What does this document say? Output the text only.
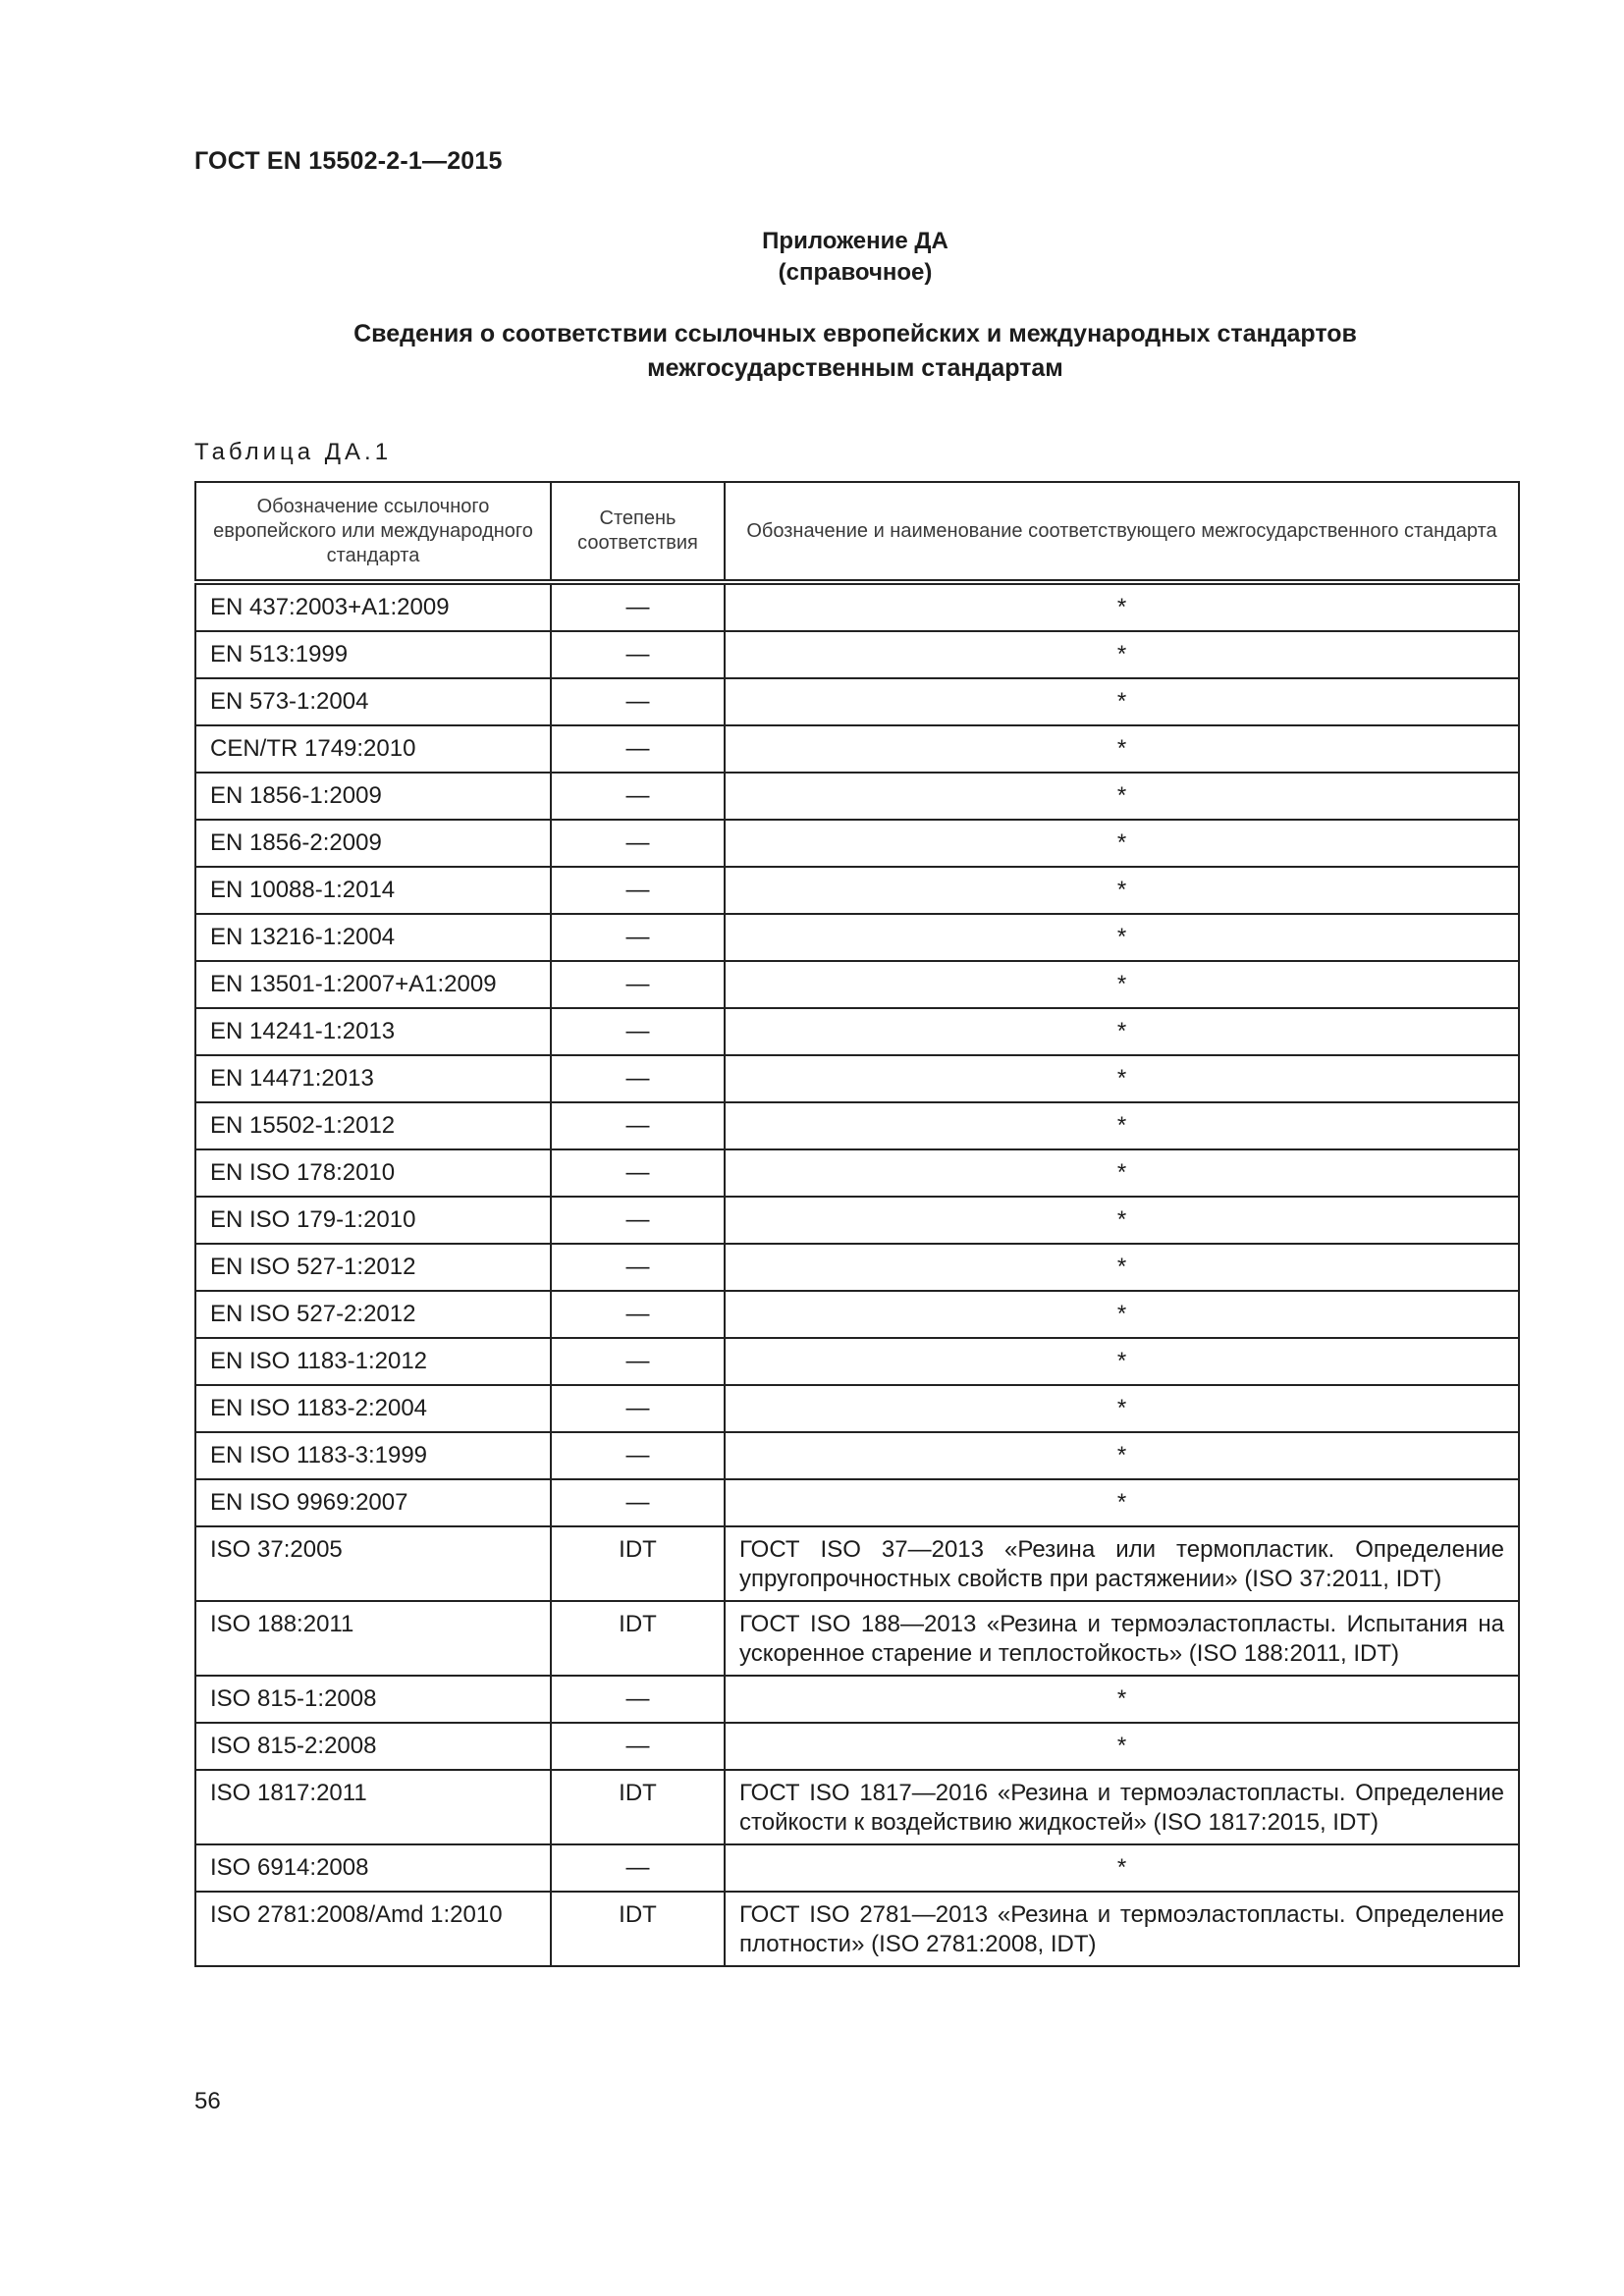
ГОСТ EN 15502-2-1—2015
Приложение ДА
(справочное)
Сведения о соответствии ссылочных европейских и международных стандартов
межгосударственным стандартам
Таблица ДА.1
Обозначение ссылочного европейского или международного стандарта	Степень соответствия	Обозначение и наименование соответствующего межгосударственного стандарта
EN 437:2003+A1:2009	—	*
EN 513:1999	—	*
EN 573-1:2004	—	*
CEN/TR 1749:2010	—	*
EN 1856-1:2009	—	*
EN 1856-2:2009	—	*
EN 10088-1:2014	—	*
EN 13216-1:2004	—	*
EN 13501-1:2007+A1:2009	—	*
EN 14241-1:2013	—	*
EN 14471:2013	—	*
EN 15502-1:2012	—	*
EN ISO 178:2010	—	*
EN ISO 179-1:2010	—	*
EN ISO 527-1:2012	—	*
EN ISO 527-2:2012	—	*
EN ISO 1183-1:2012	—	*
EN ISO 1183-2:2004	—	*
EN ISO 1183-3:1999	—	*
EN ISO 9969:2007	—	*
ISO 37:2005	IDT	ГОСТ ISO 37—2013 «Резина или термопластик. Определение упругопрочностных свойств при растяжении» (ISO 37:2011, IDT)
ISO 188:2011	IDT	ГОСТ ISO 188—2013 «Резина и термоэластопласты. Испытания на ускоренное старение и теплостойкость» (ISO 188:2011, IDT)
ISO 815-1:2008	—	*
ISO 815-2:2008	—	*
ISO 1817:2011	IDT	ГОСТ ISO 1817—2016 «Резина и термоэластопласты. Определение стойкости к воздействию жидкостей» (ISO 1817:2015, IDT)
ISO 6914:2008	—	*
ISO 2781:2008/Amd 1:2010	IDT	ГОСТ ISO 2781—2013 «Резина и термоэластопласты. Определение плотности» (ISO 2781:2008, IDT)
56
